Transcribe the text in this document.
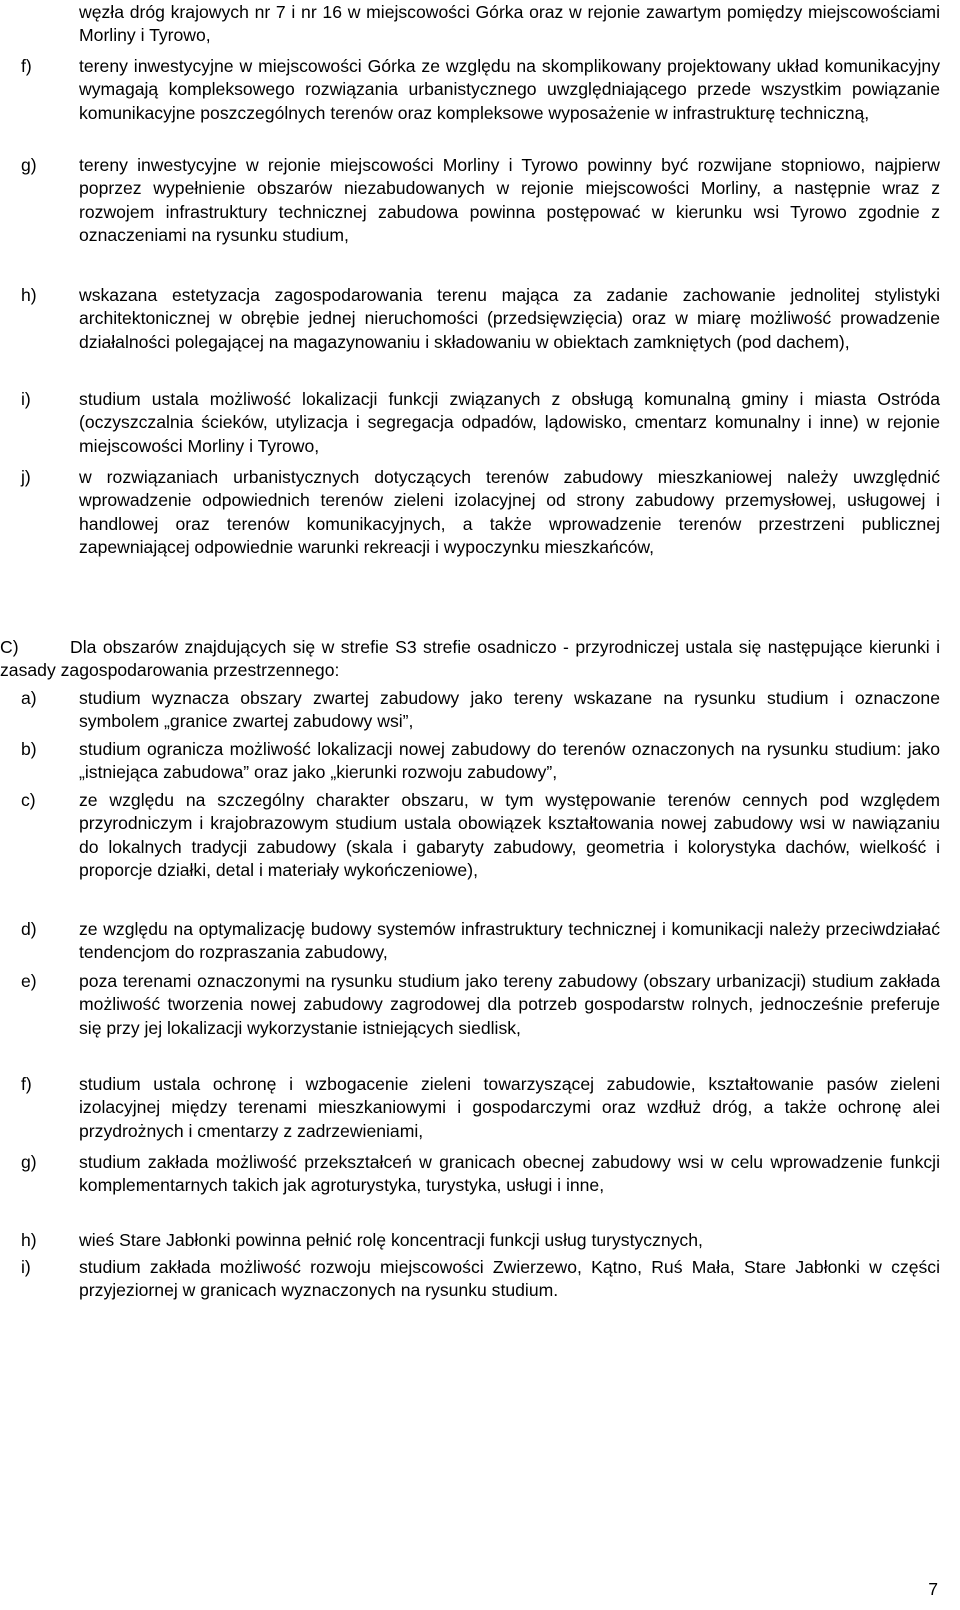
węzła dróg krajowych nr 7 i nr 16 w miejscowości Górka oraz w rejonie zawartym pomiędzy miejscowościami Morliny i Tyrowo,
f)	tereny inwestycyjne w miejscowości Górka ze względu na skomplikowany projektowany układ komunikacyjny wymagają kompleksowego rozwiązania urbanistycznego uwzględniającego przede wszystkim powiązanie komunikacyjne poszczególnych terenów oraz kompleksowe wyposażenie w infrastrukturę techniczną,
g) tereny inwestycyjne w rejonie miejscowości Morliny i Tyrowo powinny być rozwijane stopniowo, najpierw poprzez wypełnienie obszarów niezabudowanych w rejonie miejscowości Morliny, a następnie wraz z rozwojem infrastruktury technicznej zabudowa powinna postępować w kierunku wsi Tyrowo zgodnie z oznaczeniami na rysunku studium,
h) wskazana estetyzacja zagospodarowania terenu mająca za zadanie zachowanie jednolitej stylistyki architektonicznej w obrębie jednej nieruchomości (przedsięwzięcia) oraz w miarę możliwość prowadzenie działalności polegającej na magazynowaniu i składowaniu w obiektach zamkniętych (pod dachem),
i)	studium ustala możliwość lokalizacji funkcji związanych z obsługą komunalną gminy i miasta Ostróda (oczyszczalnia ścieków, utylizacja i segregacja odpadów, lądowisko, cmentarz komunalny i inne) w rejonie miejscowości Morliny i Tyrowo,
j)	w rozwiązaniach urbanistycznych dotyczących terenów zabudowy mieszkaniowej należy uwzględnić wprowadzenie odpowiednich terenów zieleni izolacyjnej od strony zabudowy przemysłowej, usługowej i handlowej oraz terenów komunikacyjnych, a także wprowadzenie terenów przestrzeni publicznej zapewniającej odpowiednie warunki rekreacji i wypoczynku mieszkańców,
C)	Dla obszarów znajdujących się w strefie S3 strefie osadniczo - przyrodniczej ustala się następujące kierunki i zasady zagospodarowania przestrzennego:
a) studium wyznacza obszary zwartej zabudowy jako tereny wskazane na rysunku studium i oznaczone symbolem „granice zwartej zabudowy wsi”,
b) studium ogranicza możliwość lokalizacji nowej zabudowy do terenów oznaczonych na rysunku studium: jako „istniejąca zabudowa” oraz jako „kierunki rozwoju zabudowy”,
c) ze względu na szczególny charakter obszaru, w tym występowanie terenów cennych pod względem przyrodniczym i krajobrazowym studium ustala obowiązek kształtowania nowej zabudowy wsi w nawiązaniu do lokalnych tradycji zabudowy (skala i gabaryty zabudowy, geometria i kolorystyka dachów, wielkość i proporcje działki, detal i materiały wykończeniowe),
d) ze względu na optymalizację budowy systemów infrastruktury technicznej i komunikacji należy przeciwdziałać tendencjom do rozpraszania zabudowy,
e) poza terenami oznaczonymi na rysunku studium jako tereny zabudowy (obszary urbanizacji) studium zakłada możliwość tworzenia nowej zabudowy zagrodowej dla potrzeb gospodarstw rolnych, jednocześnie preferuje się przy jej lokalizacji wykorzystanie istniejących siedlisk,
f)	studium ustala ochronę i wzbogacenie zieleni towarzyszącej zabudowie, kształtowanie pasów zieleni izolacyjnej między terenami mieszkaniowymi i gospodarczymi oraz wzdłuż dróg, a także ochronę alei przydrożnych i cmentarzy z zadrzewieniami,
g) studium zakłada możliwość przekształceń w granicach obecnej zabudowy wsi w celu wprowadzenie funkcji komplementarnych takich jak agroturystyka, turystyka, usługi i inne,
h) wieś Stare Jabłonki powinna pełnić rolę koncentracji funkcji usług turystycznych,
i)	studium zakłada możliwość rozwoju miejscowości Zwierzewo, Kątno, Ruś Mała, Stare Jabłonki w części przyjeziornej w granicach wyznaczonych na rysunku studium.
7
